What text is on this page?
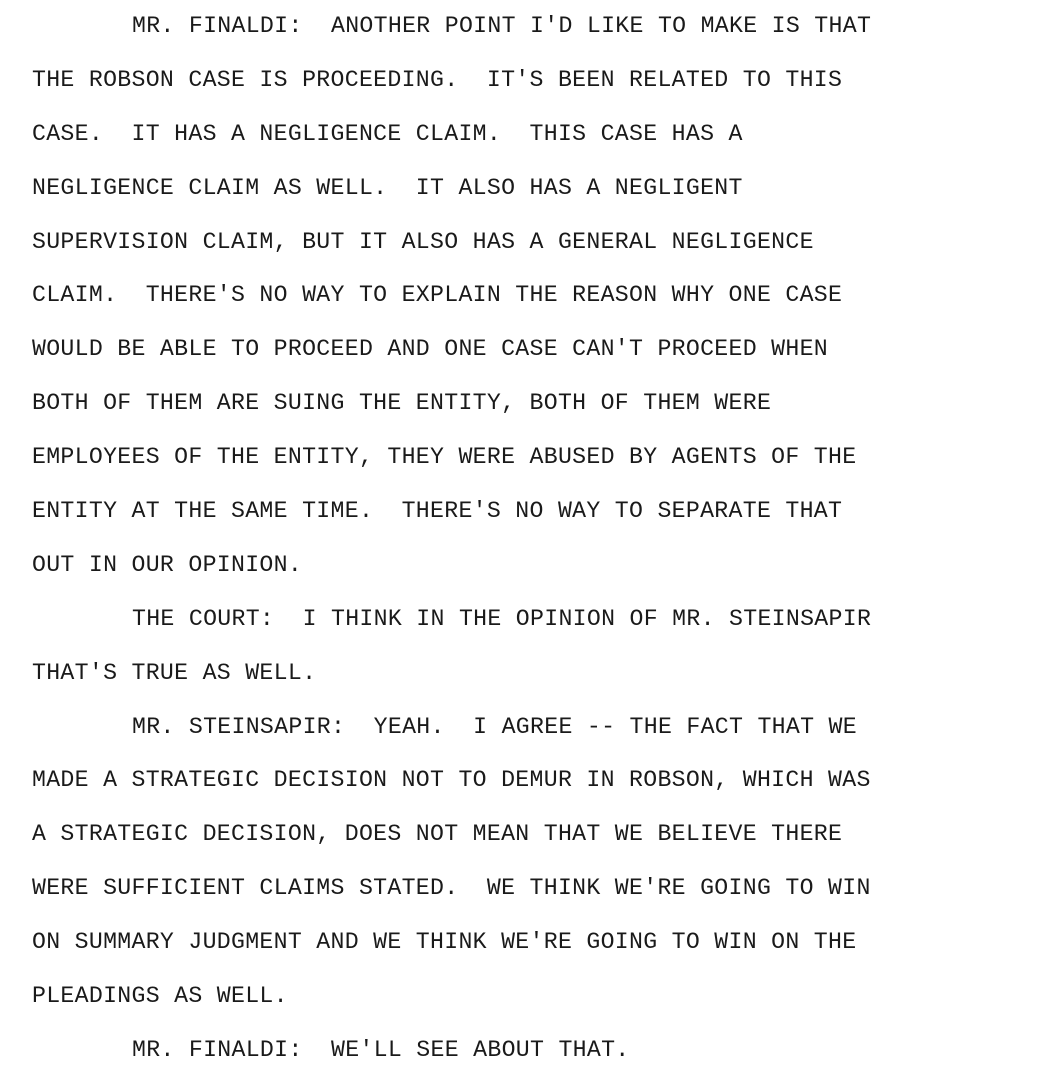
MR. FINALDI:  ANOTHER POINT I'D LIKE TO MAKE IS THAT
THE ROBSON CASE IS PROCEEDING.  IT'S BEEN RELATED TO THIS
CASE.  IT HAS A NEGLIGENCE CLAIM.  THIS CASE HAS A
NEGLIGENCE CLAIM AS WELL.  IT ALSO HAS A NEGLIGENT
SUPERVISION CLAIM, BUT IT ALSO HAS A GENERAL NEGLIGENCE
CLAIM.  THERE'S NO WAY TO EXPLAIN THE REASON WHY ONE CASE
WOULD BE ABLE TO PROCEED AND ONE CASE CAN'T PROCEED WHEN
BOTH OF THEM ARE SUING THE ENTITY, BOTH OF THEM WERE
EMPLOYEES OF THE ENTITY, THEY WERE ABUSED BY AGENTS OF THE
ENTITY AT THE SAME TIME.  THERE'S NO WAY TO SEPARATE THAT
OUT IN OUR OPINION.
THE COURT:  I THINK IN THE OPINION OF MR. STEINSAPIR
THAT'S TRUE AS WELL.
MR. STEINSAPIR:  YEAH.  I AGREE -- THE FACT THAT WE
MADE A STRATEGIC DECISION NOT TO DEMUR IN ROBSON, WHICH WAS
A STRATEGIC DECISION, DOES NOT MEAN THAT WE BELIEVE THERE
WERE SUFFICIENT CLAIMS STATED.  WE THINK WE'RE GOING TO WIN
ON SUMMARY JUDGMENT AND WE THINK WE'RE GOING TO WIN ON THE
PLEADINGS AS WELL.
MR. FINALDI:  WE'LL SEE ABOUT THAT.
